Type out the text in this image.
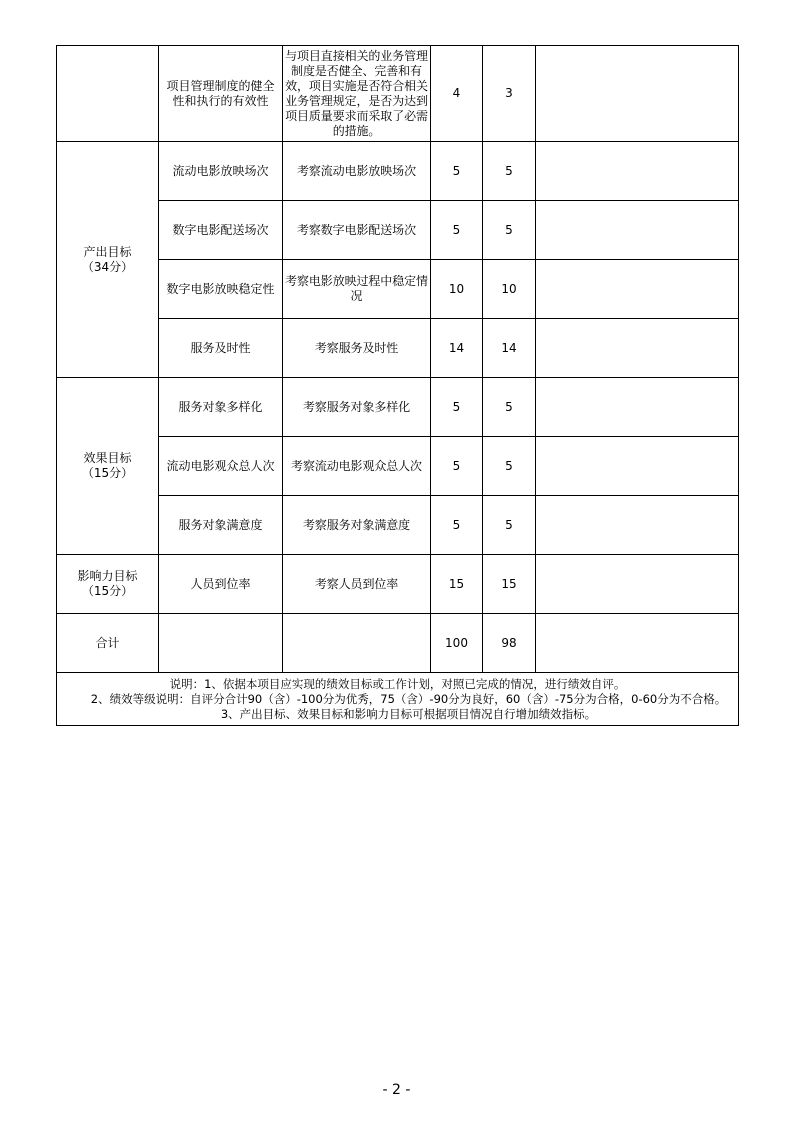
	项目管理制度的健全性和执行的有效性	与项目直接相关的业务管理制度是否健全、完善和有效，项目实施是否符合相关业务管理规定，是否为达到项目质量要求而采取了必需的措施。	4	3	

产出目标
（34分）	流动电影放映场次	考察流动电影放映场次	5	5	
	数字电影配送场次	考察数字电影配送场次	5	5	
	数字电影放映稳定性	考察电影放映过程中稳定情况	10	10	
	服务及时性	考察服务及时性	14	14	

效果目标
（15分）	服务对象多样化	考察服务对象多样化	5	5	
	流动电影观众总人次	考察流动电影观众总人次	5	5	
	服务对象满意度	考察服务对象满意度	5	5	

影响力目标
（15分）	人员到位率	考察人员到位率	15	15	
合计			100	98	

说明：1、依据本项目应实现的绩效目标或工作计划，对照已完成的情况，进行绩效自评。
2、绩效等级说明：自评分合计90（含）-100分为优秀，75（含）-90分为良好，60（含）-75分为合格，0-60分为不合格。
3、产出目标、效果目标和影响力目标可根据项目情况自行增加绩效指标。					
- 2 -
